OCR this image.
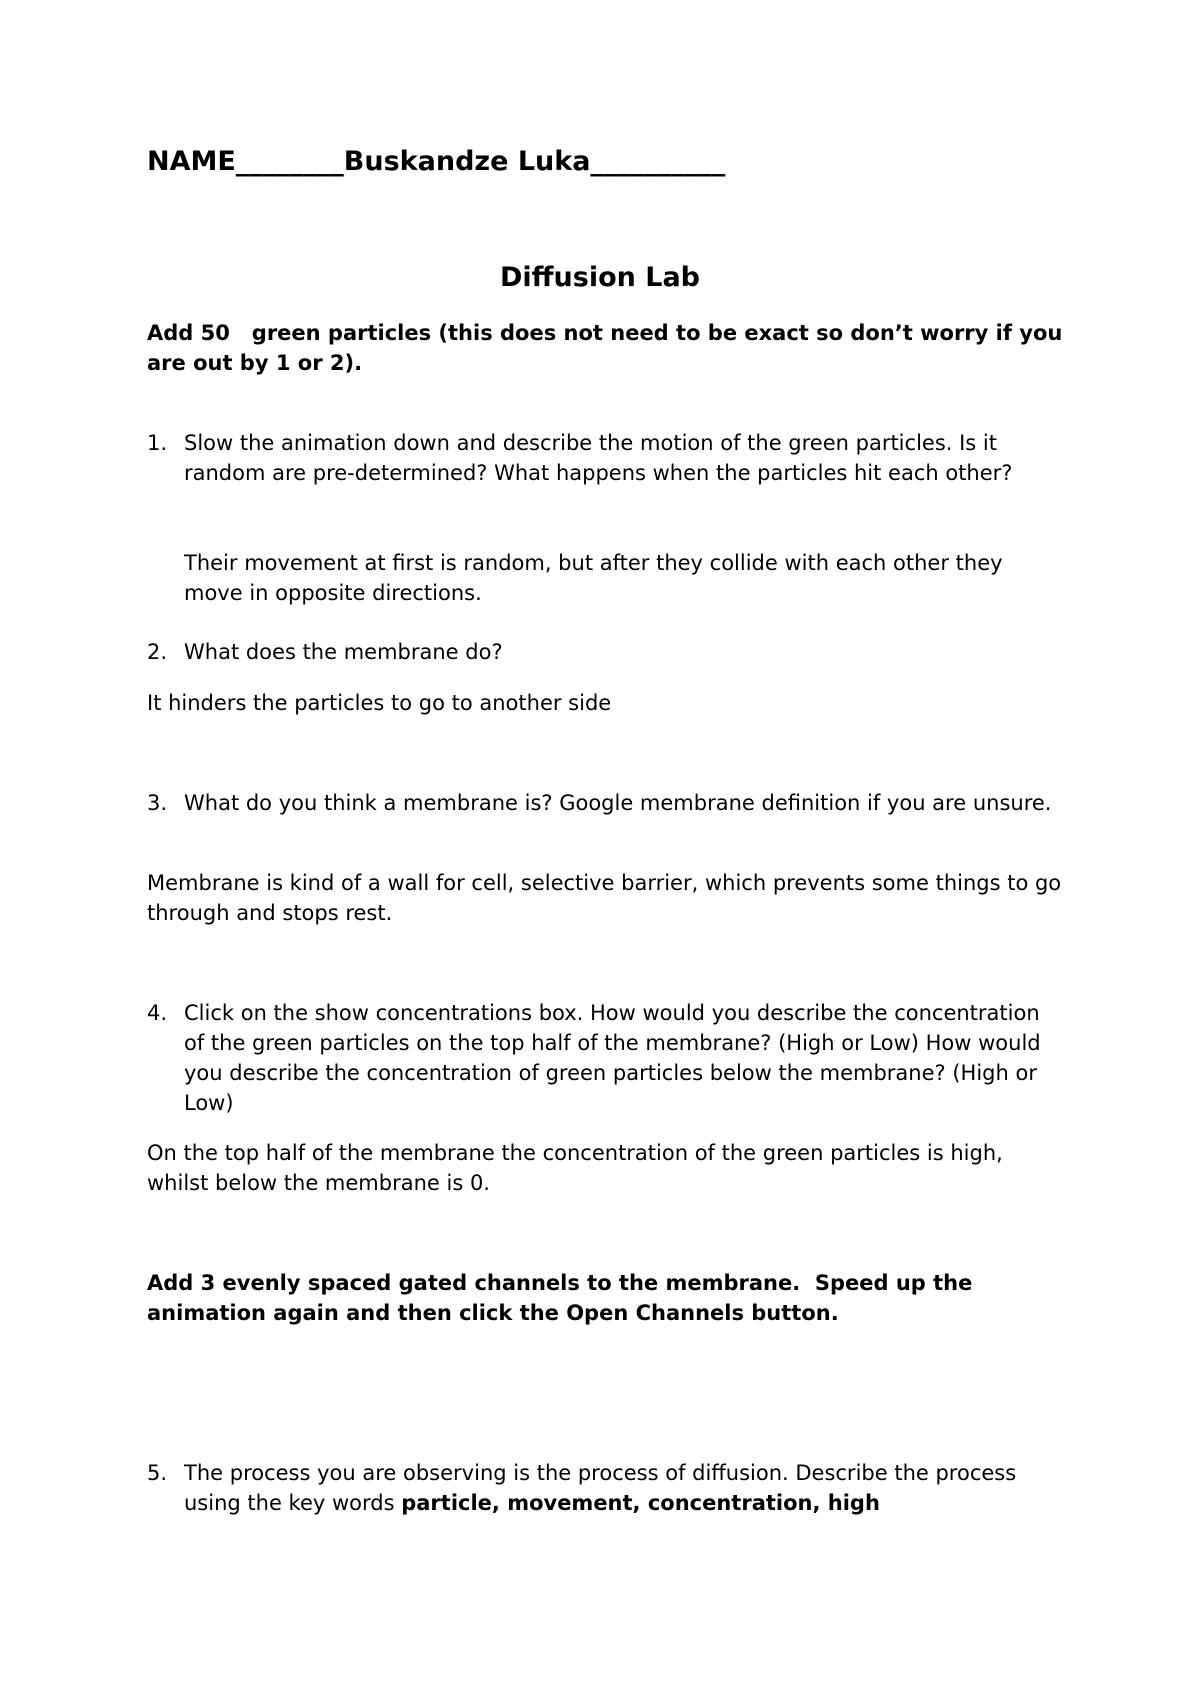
NAME________Buskandze Luka__________
Diffusion Lab

Add 50   green particles (this does not need to be exact so don’t worry if you are out by 1 or 2).

1. Slow the animation down and describe the motion of the green particles. Is it random are pre-determined? What happens when the particles hit each other?

Their movement at first is random, but after they collide with each other they move in opposite directions.

2. What does the membrane do?

It hinders the particles to go to another side

3. What do you think a membrane is? Google membrane definition if you are unsure.

Membrane is kind of a wall for cell, selective barrier, which prevents some things to go through and stops rest.

4. Click on the show concentrations box. How would you describe the concentration of the green particles on the top half of the membrane? (High or Low) How would you describe the concentration of green particles below the membrane? (High or Low)

On the top half of the membrane the concentration of the green particles is high, whilst below the membrane is 0.

Add 3 evenly spaced gated channels to the membrane.  Speed up the animation again and then click the Open Channels button.

5. The process you are observing is the process of diffusion. Describe the process using the key words particle, movement, concentration, high
